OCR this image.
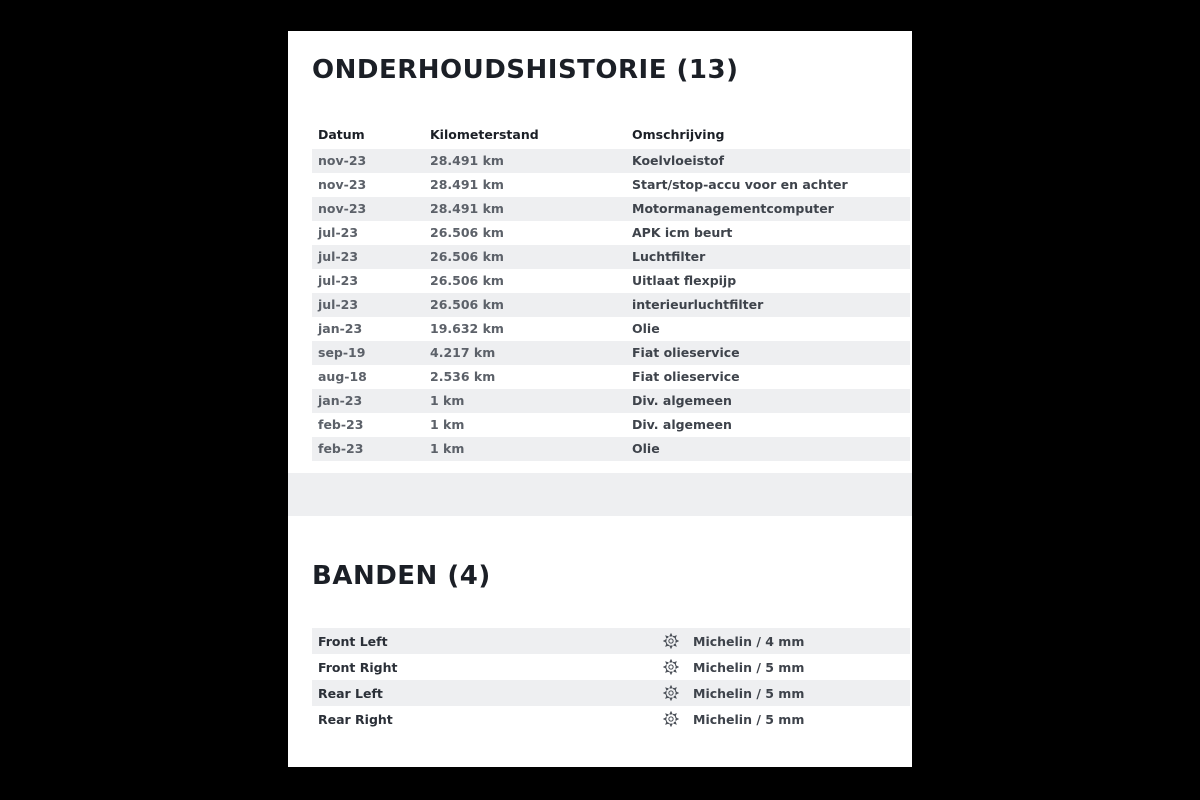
ONDERHOUDSHISTORIE (13)
Datum	Kilometerstand	Omschrijving
nov-23	28.491 km	Koelvloeistof
nov-23	28.491 km	Start/stop-accu voor en achter
nov-23	28.491 km	Motormanagementcomputer
jul-23	26.506 km	APK icm beurt
jul-23	26.506 km	Luchtfilter
jul-23	26.506 km	Uitlaat flexpijp
jul-23	26.506 km	interieurluchtfilter
jan-23	19.632 km	Olie
sep-19	4.217 km	Fiat olieservice
aug-18	2.536 km	Fiat olieservice
jan-23	1 km	Div. algemeen
feb-23	1 km	Div. algemeen
feb-23	1 km	Olie
BANDEN (4)
Front Left	Michelin / 4 mm
Front Right	Michelin / 5 mm
Rear Left	Michelin / 5 mm
Rear Right	Michelin / 5 mm
